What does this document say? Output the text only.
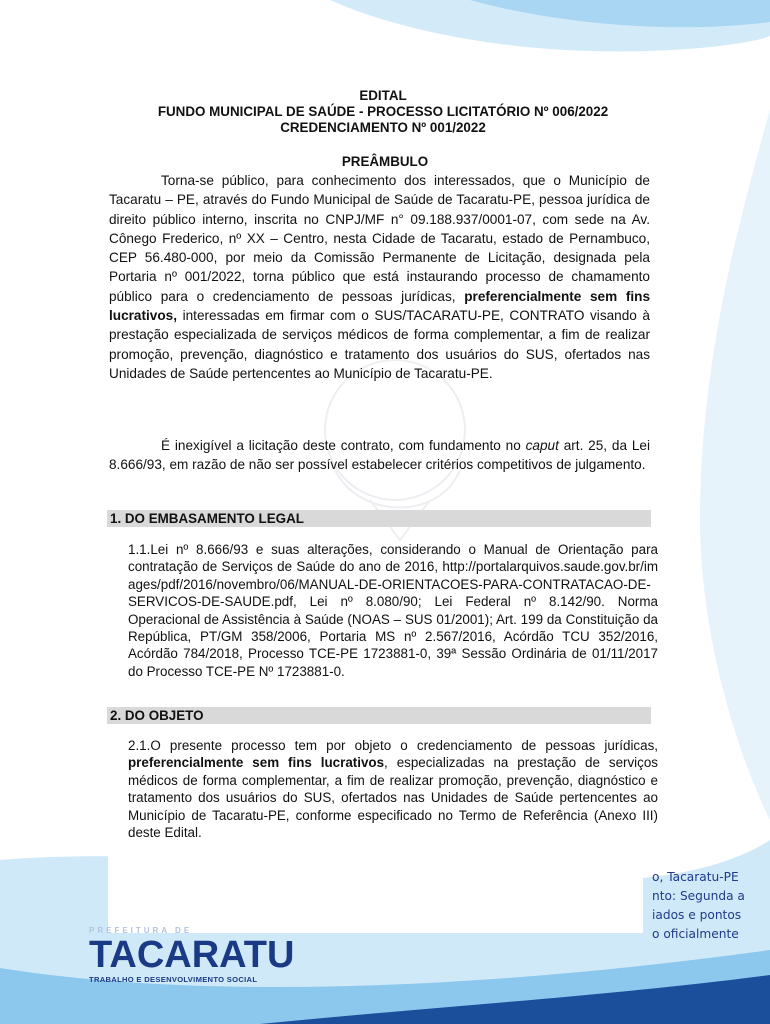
EDITAL
FUNDO MUNICIPAL DE SAÚDE - PROCESSO LICITATÓRIO Nº 006/2022
CREDENCIAMENTO Nº 001/2022
PREÂMBULO
Torna-se público, para conhecimento dos interessados, que o Município de Tacaratu – PE, através do Fundo Municipal de Saúde de Tacaratu-PE, pessoa jurídica de direito público interno, inscrita no CNPJ/MF n° 09.188.937/0001-07, com sede na Av. Cônego Frederico, nº XX – Centro, nesta Cidade de Tacaratu, estado de Pernambuco, CEP 56.480-000, por meio da Comissão Permanente de Licitação, designada pela Portaria nº 001/2022, torna público que está instaurando processo de chamamento público para o credenciamento de pessoas jurídicas, preferencialmente sem fins lucrativos, interessadas em firmar com o SUS/TACARATU-PE, CONTRATO visando à prestação especializada de serviços médicos de forma complementar, a fim de realizar promoção, prevenção, diagnóstico e tratamento dos usuários do SUS, ofertados nas Unidades de Saúde pertencentes ao Município de Tacaratu-PE.
É inexigível a licitação deste contrato, com fundamento no caput art. 25, da Lei 8.666/93, em razão de não ser possível estabelecer critérios competitivos de julgamento.
1. DO EMBASAMENTO LEGAL
1.1.Lei nº 8.666/93 e suas alterações, considerando o Manual de Orientação para contratação de Serviços de Saúde do ano de 2016, http://portalarquivos.saude.gov.br/images/pdf/2016/novembro/06/MANUAL-DE-ORIENTACOES-PARA-CONTRATACAO-DE-SERVICOS-DE-SAUDE.pdf, Lei nº 8.080/90; Lei Federal nº 8.142/90. Norma Operacional de Assistência à Saúde (NOAS – SUS 01/2001); Art. 199 da Constituição da República, PT/GM 358/2006, Portaria MS nº 2.567/2016, Acórdão TCU 352/2016, Acórdão 784/2018, Processo TCE-PE 1723881-0, 39ª Sessão Ordinária de 01/11/2017 do Processo TCE-PE Nº 1723881-0.
2. DO OBJETO
2.1.O presente processo tem por objeto o credenciamento de pessoas jurídicas, preferencialmente sem fins lucrativos, especializadas na prestação de serviços médicos de forma complementar, a fim de realizar promoção, prevenção, diagnóstico e tratamento dos usuários do SUS, ofertados nas Unidades de Saúde pertencentes ao Município de Tacaratu-PE, conforme especificado no Termo de Referência (Anexo III) deste Edital.
o, Tacaratu-PE
nto: Segunda a
iados e pontos
o oficialmente
PREFEITURA DE
TACARATU
TRABALHO E DESENVOLVIMENTO SOCIAL
